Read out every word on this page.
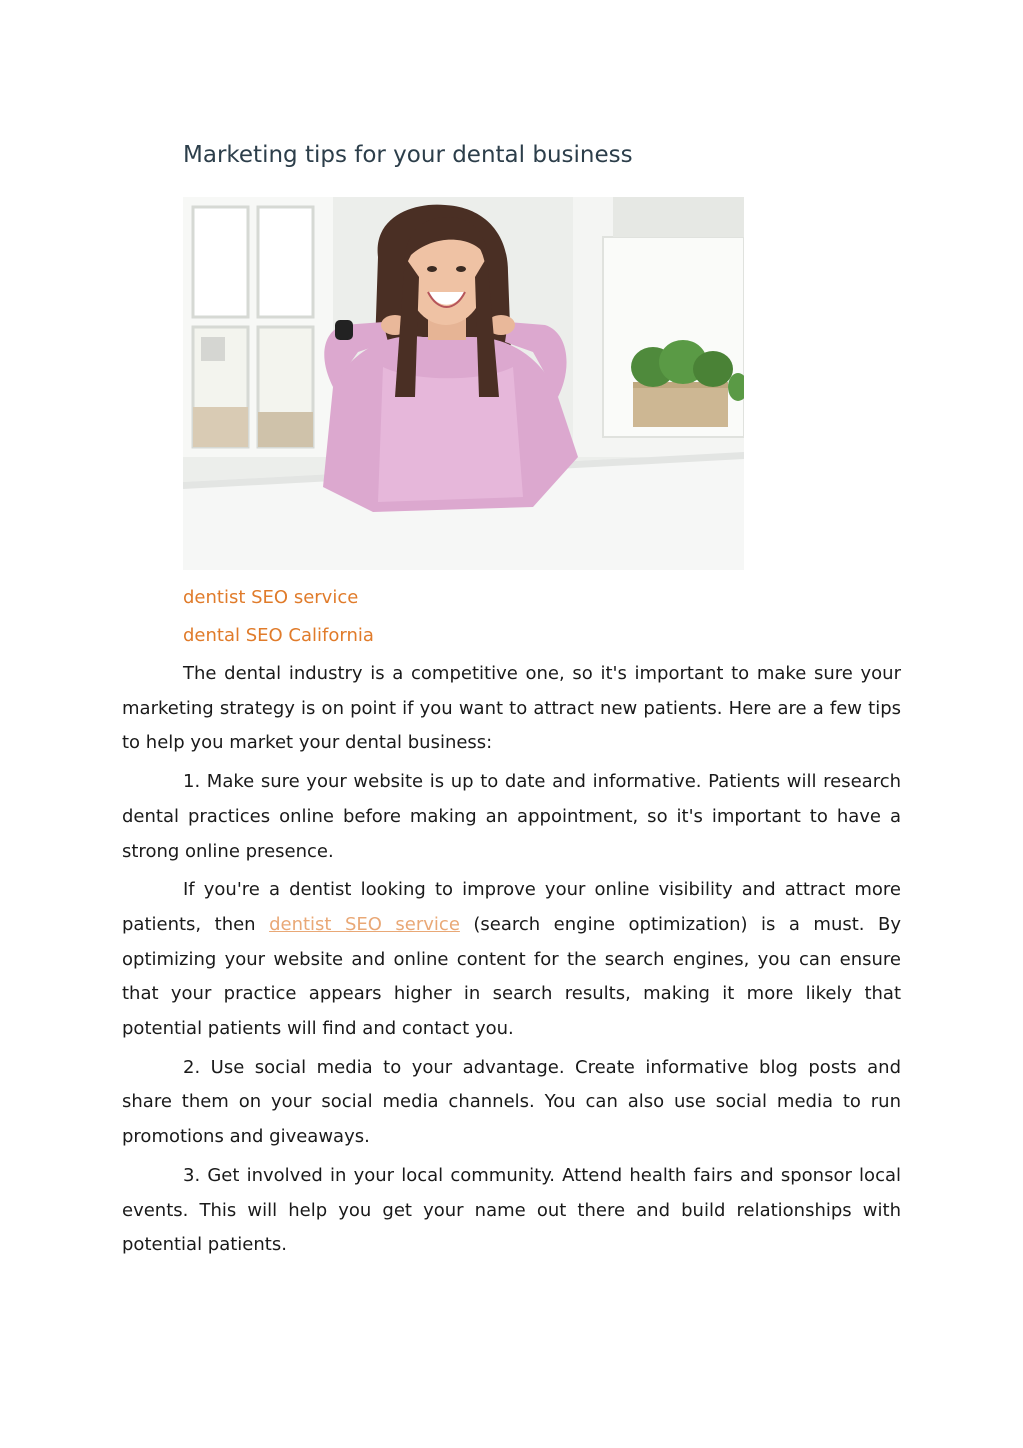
Marketing tips for your dental business
dentist SEO service
dental SEO California

The dental industry is a competitive one, so it's important to make sure your marketing strategy is on point if you want to attract new patients. Here are a few tips to help you market your dental business:

1. Make sure your website is up to date and informative. Patients will research dental practices online before making an appointment, so it's important to have a strong online presence.

If you're a dentist looking to improve your online visibility and attract more patients, then dentist SEO service (search engine optimization) is a must. By optimizing your website and online content for the search engines, you can ensure that your practice appears higher in search results, making it more likely that potential patients will find and contact you.

2. Use social media to your advantage. Create informative blog posts and share them on your social media channels. You can also use social media to run promotions and giveaways.

3. Get involved in your local community. Attend health fairs and sponsor local events. This will help you get your name out there and build relationships with potential patients.
